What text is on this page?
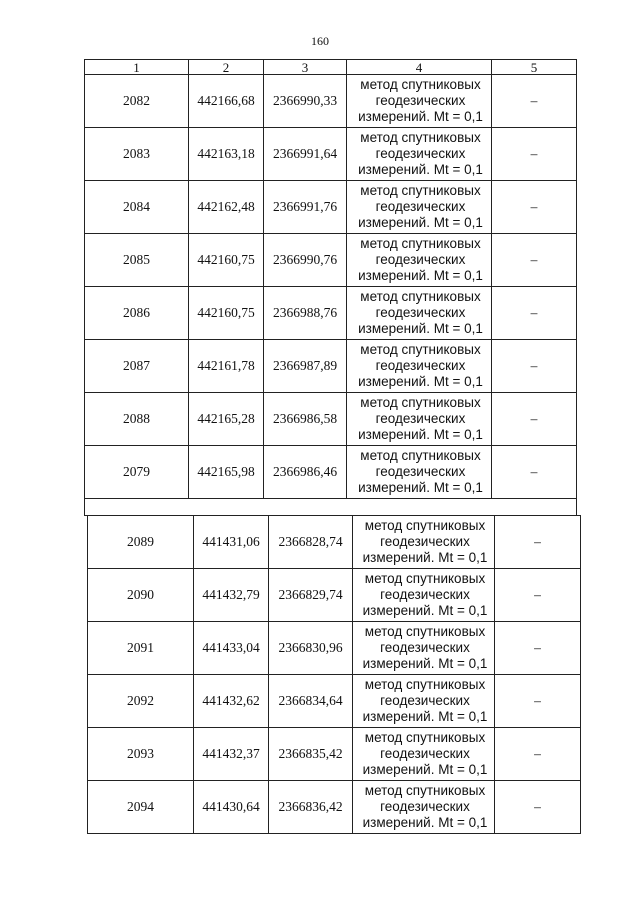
160
1	2	3	4	5
2082	442166,68	2366990,33	метод спутниковых
геодезических
измерений. Mt = 0,1	–
2083	442163,18	2366991,64	метод спутниковых
геодезических
измерений. Mt = 0,1	–
2084	442162,48	2366991,76	метод спутниковых
геодезических
измерений. Mt = 0,1	–
2085	442160,75	2366990,76	метод спутниковых
геодезических
измерений. Mt = 0,1	–
2086	442160,75	2366988,76	метод спутниковых
геодезических
измерений. Mt = 0,1	–
2087	442161,78	2366987,89	метод спутниковых
геодезических
измерений. Mt = 0,1	–
2088	442165,28	2366986,58	метод спутниковых
геодезических
измерений. Mt = 0,1	–
2079	442165,98	2366986,46	метод спутниковых
геодезических
измерений. Mt = 0,1	–

2089	441431,06	2366828,74	метод спутниковых
геодезических
измерений. Mt = 0,1	–
2090	441432,79	2366829,74	метод спутниковых
геодезических
измерений. Mt = 0,1	–
2091	441433,04	2366830,96	метод спутниковых
геодезических
измерений. Mt = 0,1	–
2092	441432,62	2366834,64	метод спутниковых
геодезических
измерений. Mt = 0,1	–
2093	441432,37	2366835,42	метод спутниковых
геодезических
измерений. Mt = 0,1	–
2094	441430,64	2366836,42	метод спутниковых
геодезических
измерений. Mt = 0,1	–
